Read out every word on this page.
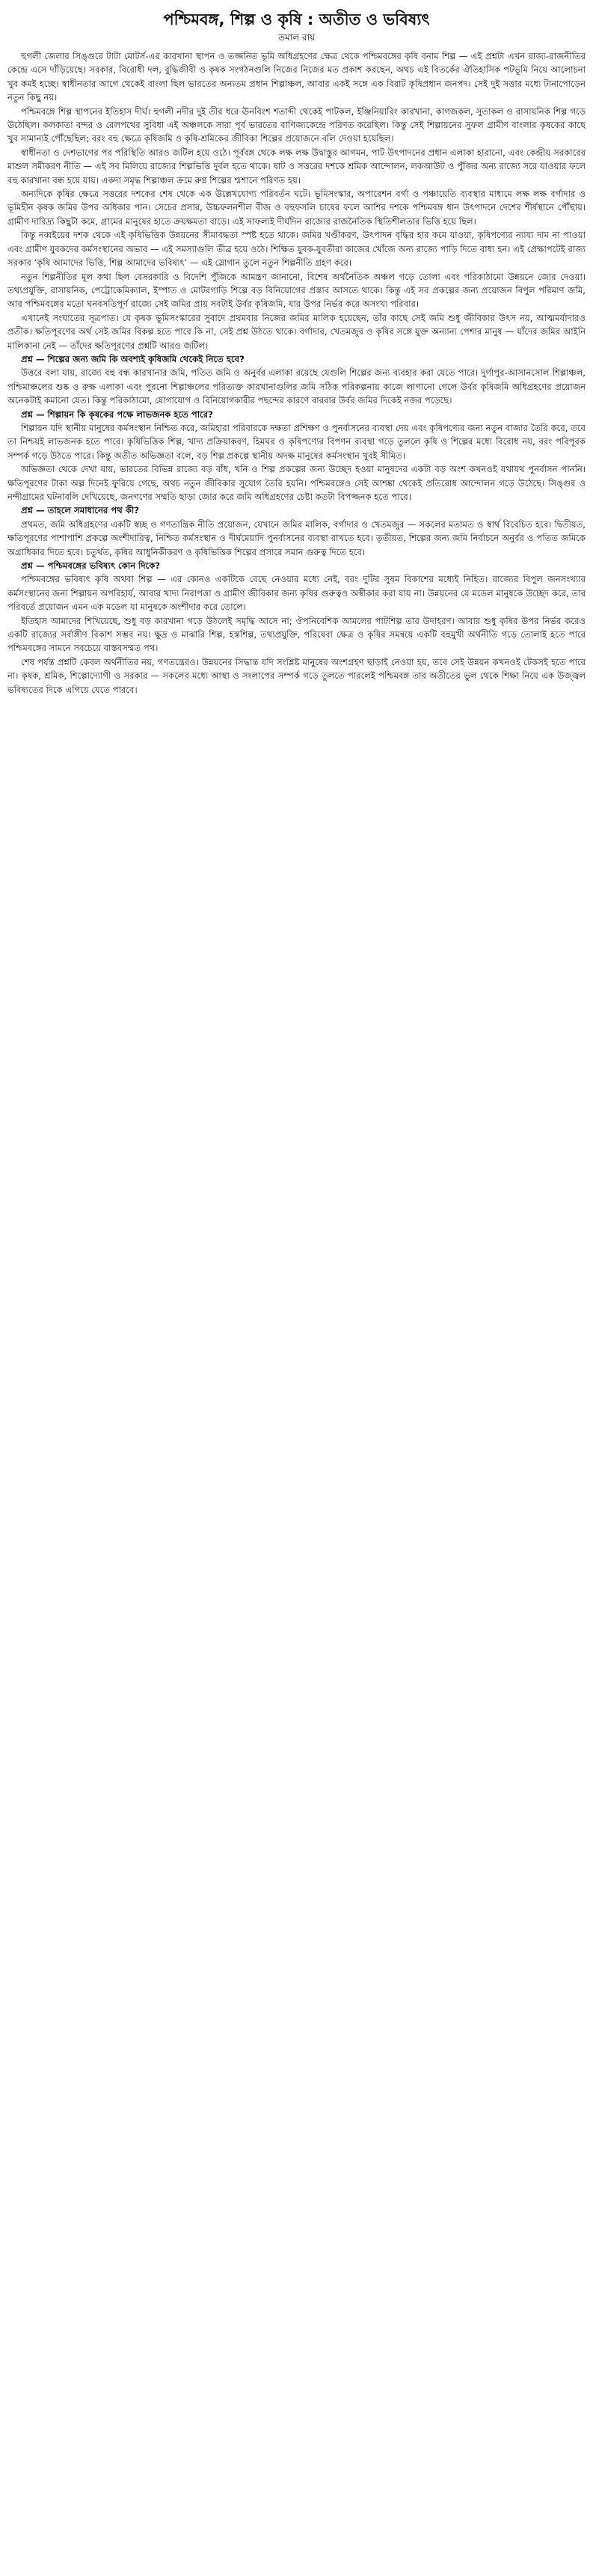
পশ্চিমবঙ্গ, শিল্প ও কৃষি : অতীত ও ভবিষ্যৎ
তমাল রায়

হুগলী জেলার সিঙ্গুরে টাটা মোটর্স-এর কারখানা স্থাপন ও তজ্জনিত ভূমি অধিগ্রহণের ক্ষেত্র থেকে পশ্চিমবঙ্গের কৃষি বনাম শিল্প — এই প্রশ্নটা এখন রাজ্য-রাজনীতির কেন্দ্রে এসে দাঁড়িয়েছে। সরকার, বিরোধী দল, বুদ্ধিজীবী ও কৃষক সংগঠনগুলি নিজের নিজের মত প্রকাশ করছেন, অথচ এই বিতর্কের ঐতিহাসিক পটভূমি নিয়ে আলোচনা খুব কমই হচ্ছে। স্বাধীনতার আগে থেকেই বাংলা ছিল ভারতের অন্যতম প্রধান শিল্পাঞ্চল, আবার একই সঙ্গে এক বিরাট কৃষিপ্রধান জনপদ। সেই দুই সত্তার মধ্যে টানাপোড়েন নতুন কিছু নয়।

পশ্চিমবঙ্গে শিল্প স্থাপনের ইতিহাস দীর্ঘ। হুগলী নদীর দুই তীর ধরে ঊনবিংশ শতাব্দী থেকেই পাটকল, ইঞ্জিনিয়ারিং কারখানা, কাগজকল, সুতাকল ও রাসায়নিক শিল্প গড়ে উঠেছিল। কলকাতা বন্দর ও রেলপথের সুবিধা এই অঞ্চলকে সারা পূর্ব ভারতের বাণিজ্যকেন্দ্রে পরিণত করেছিল। কিন্তু সেই শিল্পায়নের সুফল গ্রামীণ বাংলার কৃষকের কাছে খুব সামান্যই পৌঁছেছিল; বরং বহু ক্ষেত্রে কৃষিজমি ও কৃষি-শ্রমিকের জীবিকা শিল্পের প্রয়োজনে বলি দেওয়া হয়েছিল।

স্বাধীনতা ও দেশভাগের পর পরিস্থিতি আরও জটিল হয়ে ওঠে। পূর্ববঙ্গ থেকে লক্ষ লক্ষ উদ্বাস্তুর আগমন, পাট উৎপাদনের প্রধান এলাকা হারানো, এবং কেন্দ্রীয় সরকারের মাশুল সমীকরণ নীতি — এই সব মিলিয়ে রাজ্যের শিল্পভিত্তি দুর্বল হতে থাকে। ষাট ও সত্তরের দশকে শ্রমিক আন্দোলন, লকআউট ও পুঁজির অন্য রাজ্যে সরে যাওয়ার ফলে বহু কারখানা বন্ধ হয়ে যায়। একদা সমৃদ্ধ শিল্পাঞ্চল ক্রমে রুগ্ন শিল্পের শ্মশানে পরিণত হয়।

অন্যদিকে কৃষির ক্ষেত্রে সত্তরের দশকের শেষ থেকে এক উল্লেখযোগ্য পরিবর্তন ঘটে। ভূমিসংস্কার, অপারেশন বর্গা ও পঞ্চায়েতি ব্যবস্থার মাধ্যমে লক্ষ লক্ষ বর্গাদার ও ভূমিহীন কৃষক জমির উপর অধিকার পান। সেচের প্রসার, উচ্চফলনশীল বীজ ও বহুফসলি চাষের ফলে আশির দশকে পশ্চিমবঙ্গ ধান উৎপাদনে দেশের শীর্ষস্থানে পৌঁছায়। গ্রামীণ দারিদ্র্য কিছুটা কমে, গ্রামের মানুষের হাতে ক্রয়ক্ষমতা বাড়ে। এই সাফল্যই দীর্ঘদিন রাজ্যের রাজনৈতিক স্থিতিশীলতার ভিত্তি হয়ে ছিল।

কিন্তু নব্বইয়ের দশক থেকে এই কৃষিভিত্তিক উন্নয়নের সীমাবদ্ধতা স্পষ্ট হতে থাকে। জমির খণ্ডীকরণ, উৎপাদন বৃদ্ধির হার কমে যাওয়া, কৃষিপণ্যের ন্যায্য দাম না পাওয়া এবং গ্রামীণ যুবকদের কর্মসংস্থানের অভাব — এই সমস্যাগুলি তীব্র হয়ে ওঠে। শিক্ষিত যুবক-যুবতীরা কাজের খোঁজে অন্য রাজ্যে পাড়ি দিতে বাধ্য হন। এই প্রেক্ষাপটেই রাজ্য সরকার ‘কৃষি আমাদের ভিত্তি, শিল্প আমাদের ভবিষ্যৎ’ — এই স্লোগান তুলে নতুন শিল্পনীতি গ্রহণ করে।

নতুন শিল্পনীতির মূল কথা ছিল বেসরকারি ও বিদেশি পুঁজিকে আমন্ত্রণ জানানো, বিশেষ অর্থনৈতিক অঞ্চল গড়ে তোলা এবং পরিকাঠামো উন্নয়নে জোর দেওয়া। তথ্যপ্রযুক্তি, রাসায়নিক, পেট্রোকেমিক্যাল, ইস্পাত ও মোটরগাড়ি শিল্পে বড় বিনিয়োগের প্রস্তাব আসতে থাকে। কিন্তু এই সব প্রকল্পের জন্য প্রয়োজন বিপুল পরিমাণ জমি, আর পশ্চিমবঙ্গের মতো ঘনবসতিপূর্ণ রাজ্যে সেই জমির প্রায় সবটাই উর্বর কৃষিজমি, যার উপর নির্ভর করে অসংখ্য পরিবার।

এখানেই সংঘাতের সূত্রপাত। যে কৃষক ভূমিসংস্কারের সুবাদে প্রথমবার নিজের জমির মালিক হয়েছেন, তাঁর কাছে সেই জমি শুধু জীবিকার উৎস নয়, আত্মমর্যাদারও প্রতীক। ক্ষতিপূরণের অর্থ সেই জমির বিকল্প হতে পারে কি না, সেই প্রশ্ন উঠতে থাকে। বর্গাদার, খেতমজুর ও কৃষির সঙ্গে যুক্ত অন্যান্য পেশার মানুষ — যাঁদের জমির আইনি মালিকানা নেই — তাঁদের ক্ষতিপূরণের প্রশ্নটি আরও জটিল।

প্রশ্ন — শিল্পের জন্য জমি কি অবশ্যই কৃষিজমি থেকেই নিতে হবে?

উত্তরে বলা যায়, রাজ্যে বহু বন্ধ কারখানার জমি, পতিত জমি ও অনুর্বর এলাকা রয়েছে যেগুলি শিল্পের জন্য ব্যবহার করা যেতে পারে। দুর্গাপুর-আসানসোল শিল্পাঞ্চল, পশ্চিমাঞ্চলের শুষ্ক ও রুক্ষ এলাকা এবং পুরনো শিল্পাঞ্চলের পরিত্যক্ত কারখানাগুলির জমি সঠিক পরিকল্পনায় কাজে লাগানো গেলে উর্বর কৃষিজমি অধিগ্রহণের প্রয়োজন অনেকটাই কমানো যেত। কিন্তু পরিকাঠামো, যোগাযোগ ও বিনিয়োগকারীর পছন্দের কারণে বারবার উর্বর জমির দিকেই নজর পড়েছে।

প্রশ্ন — শিল্পায়ন কি কৃষকের পক্ষে লাভজনক হতে পারে?

শিল্পায়ন যদি স্থানীয় মানুষের কর্মসংস্থান নিশ্চিত করে, জমিহারা পরিবারকে দক্ষতা প্রশিক্ষণ ও পুনর্বাসনের ব্যবস্থা দেয় এবং কৃষিপণ্যের জন্য নতুন বাজার তৈরি করে, তবে তা নিশ্চয়ই লাভজনক হতে পারে। কৃষিভিত্তিক শিল্প, খাদ্য প্রক্রিয়াকরণ, হিমঘর ও কৃষিপণ্যের বিপণন ব্যবস্থা গড়ে তুললে কৃষি ও শিল্পের মধ্যে বিরোধ নয়, বরং পরিপূরক সম্পর্ক গড়ে উঠতে পারে। কিন্তু অতীত অভিজ্ঞতা বলে, বড় শিল্প প্রকল্পে স্থানীয় অদক্ষ মানুষের কর্মসংস্থান খুবই সীমিত।

অভিজ্ঞতা থেকে দেখা যায়, ভারতের বিভিন্ন রাজ্যে বড় বাঁধ, খনি ও শিল্প প্রকল্পের জন্য উচ্ছেদ হওয়া মানুষদের একটা বড় অংশ কখনওই যথাযথ পুনর্বাসন পাননি। ক্ষতিপূরণের টাকা অল্প দিনেই ফুরিয়ে গেছে, অথচ নতুন জীবিকার সুযোগ তৈরি হয়নি। পশ্চিমবঙ্গেও সেই আশঙ্কা থেকেই প্রতিরোধ আন্দোলন গড়ে উঠেছে। সিঙ্গুর ও নন্দীগ্রামের ঘটনাবলি দেখিয়েছে, জনগণের সম্মতি ছাড়া জোর করে জমি অধিগ্রহণের চেষ্টা কতটা বিপজ্জনক হতে পারে।

প্রশ্ন — তাহলে সমাধানের পথ কী?

প্রথমত, জমি অধিগ্রহণের একটি স্বচ্ছ ও গণতান্ত্রিক নীতি প্রয়োজন, যেখানে জমির মালিক, বর্গাদার ও খেতমজুর — সকলের মতামত ও স্বার্থ বিবেচিত হবে। দ্বিতীয়ত, ক্ষতিপূরণের পাশাপাশি প্রকল্পে অংশীদারিত্ব, নিশ্চিত কর্মসংস্থান ও দীর্ঘমেয়াদি পুনর্বাসনের ব্যবস্থা রাখতে হবে। তৃতীয়ত, শিল্পের জন্য জমি নির্বাচনে অনুর্বর ও পতিত জমিকে অগ্রাধিকার দিতে হবে। চতুর্থত, কৃষির আধুনিকীকরণ ও কৃষিভিত্তিক শিল্পের প্রসারে সমান গুরুত্ব দিতে হবে।

প্রশ্ন — পশ্চিমবঙ্গের ভবিষ্যৎ কোন দিকে?

পশ্চিমবঙ্গের ভবিষ্যৎ কৃষি অথবা শিল্প — এর কোনও একটিকে বেছে নেওয়ার মধ্যে নেই, বরং দুটির সুষম বিকাশের মধ্যেই নিহিত। রাজ্যের বিপুল জনসংখ্যার কর্মসংস্থানের জন্য শিল্পায়ন অপরিহার্য, আবার খাদ্য নিরাপত্তা ও গ্রামীণ জীবিকার জন্য কৃষির গুরুত্বও অস্বীকার করা যায় না। উন্নয়নের যে মডেল মানুষকে উচ্ছেদ করে, তার পরিবর্তে প্রয়োজন এমন এক মডেল যা মানুষকে অংশীদার করে তোলে।

ইতিহাস আমাদের শিখিয়েছে, শুধু বড় কারখানা গড়ে উঠলেই সমৃদ্ধি আসে না; ঔপনিবেশিক আমলের পাটশিল্প তার উদাহরণ। আবার শুধু কৃষির উপর নির্ভর করেও একটি রাজ্যের সর্বাঙ্গীণ বিকাশ সম্ভব নয়। ক্ষুদ্র ও মাঝারি শিল্প, হস্তশিল্প, তথ্যপ্রযুক্তি, পরিষেবা ক্ষেত্র ও কৃষির সমন্বয়ে একটি বহুমুখী অর্থনীতি গড়ে তোলাই হতে পারে পশ্চিমবঙ্গের সামনে সবচেয়ে বাস্তবসম্মত পথ।

শেষ পর্যন্ত প্রশ্নটি কেবল অর্থনীতির নয়, গণতন্ত্রেরও। উন্নয়নের সিদ্ধান্ত যদি সংশ্লিষ্ট মানুষের অংশগ্রহণ ছাড়াই নেওয়া হয়, তবে সেই উন্নয়ন কখনওই টেকসই হতে পারে না। কৃষক, শ্রমিক, শিল্পোদ্যোগী ও সরকার — সকলের মধ্যে আস্থা ও সংলাপের সম্পর্ক গড়ে তুলতে পারলেই পশ্চিমবঙ্গ তার অতীতের ভুল থেকে শিক্ষা নিয়ে এক উজ্জ্বল ভবিষ্যতের দিকে এগিয়ে যেতে পারবে।
